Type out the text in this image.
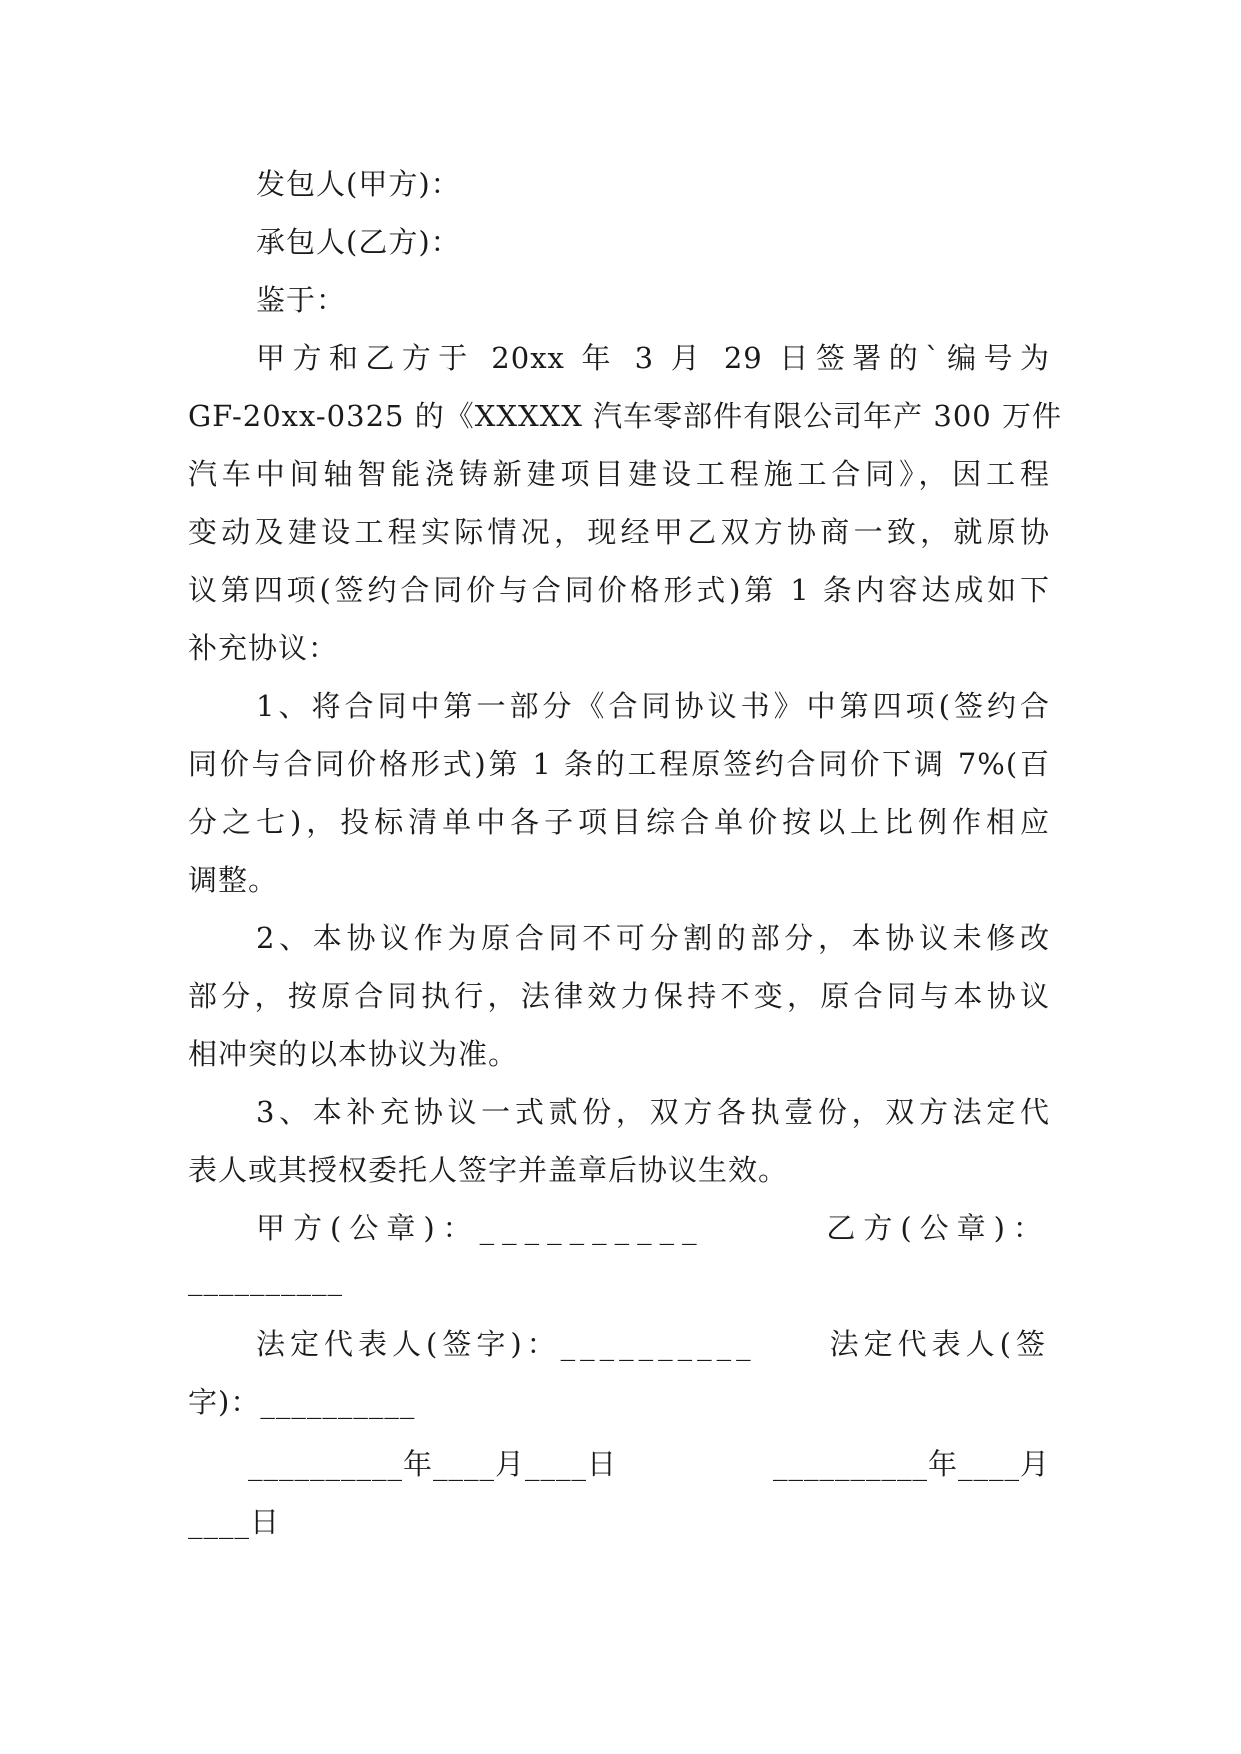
发包人(甲方)：

承包人(乙方)：

鉴于：

甲方和乙方于 20xx 年 3 月 29 日签署的`编号为

GF-20xx-0325 的《XXXXX 汽车零部件有限公司年产 300 万件

汽车中间轴智能浇铸新建项目建设工程施工合同》，因工程

变动及建设工程实际情况，现经甲乙双方协商一致，就原协

议第四项(签约合同价与合同价格形式)第 1 条内容达成如下

补充协议：

1、将合同中第一部分《合同协议书》中第四项(签约合

同价与合同价格形式)第 1 条的工程原签约合同价下调 7%(百

分之七)，投标清单中各子项目综合单价按以上比例作相应

调整。

2、本协议作为原合同不可分割的部分，本协议未修改

部分，按原合同执行，法律效力保持不变，原合同与本协议

相冲突的以本协议为准。

3、本补充协议一式贰份，双方各执壹份，双方法定代

表人或其授权委托人签字并盖章后协议生效。

甲方(公章)：__________	乙方(公章)：

__________

法定代表人(签字)：__________	法定代表人(签

字)：__________

__________年____月____日	__________年____月

____日
